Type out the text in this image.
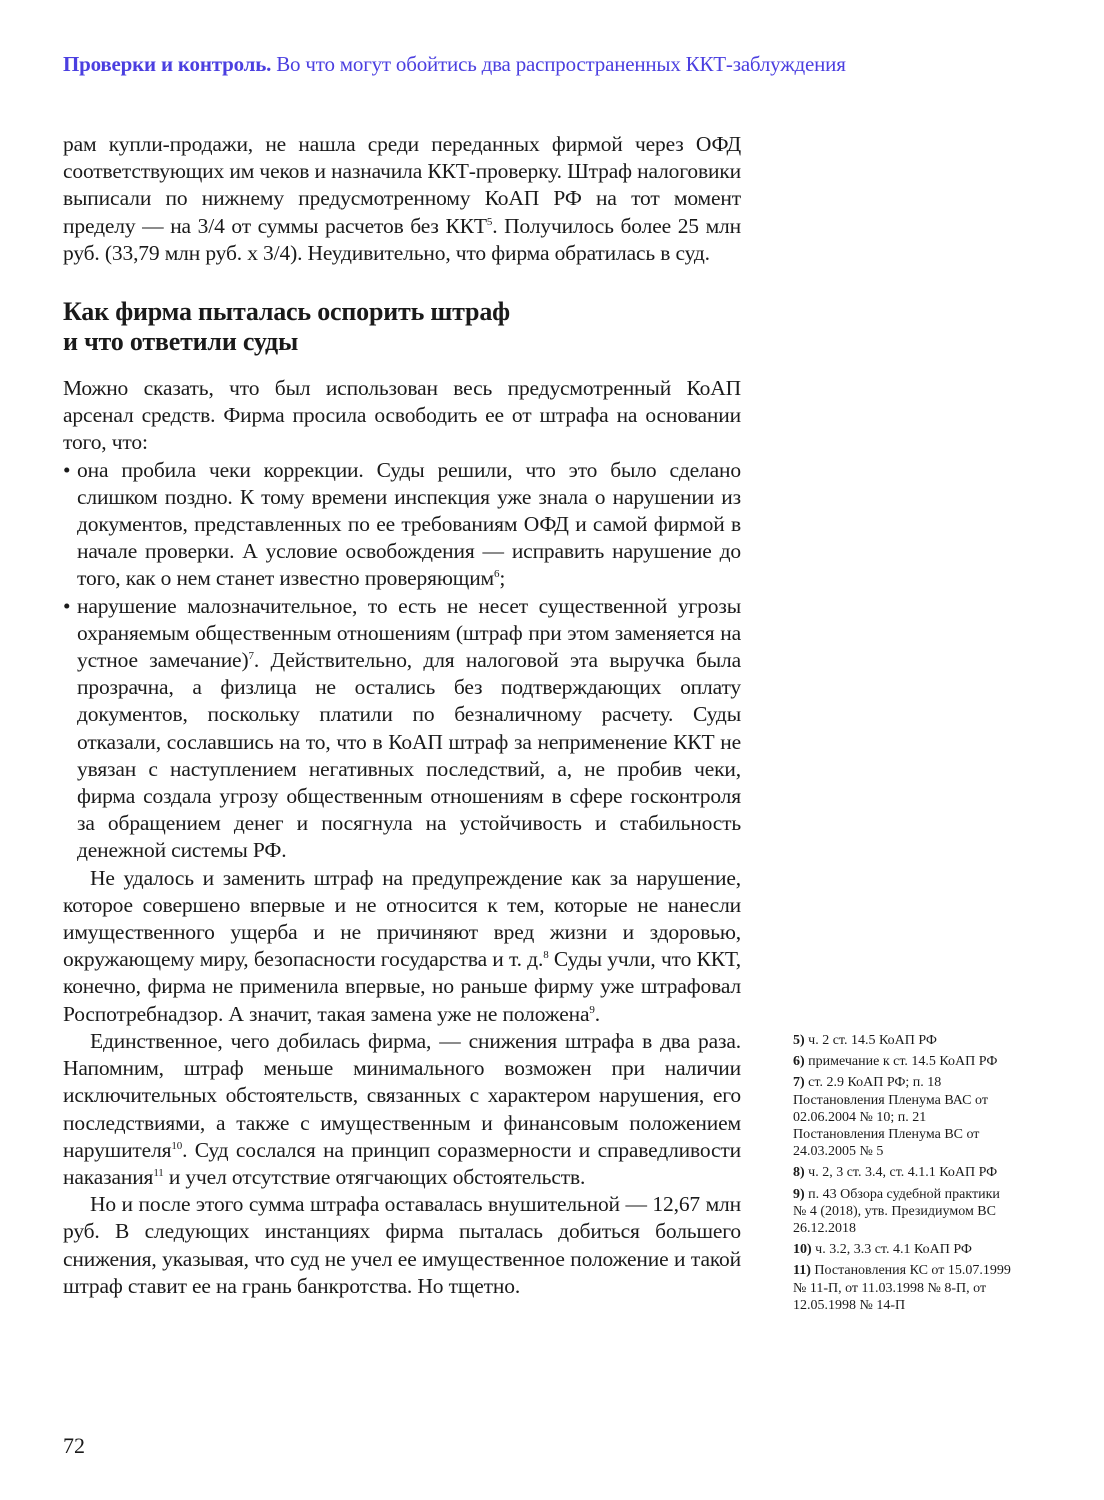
Проверки и контроль. Во что могут обойтись два распространенных ККТ-заблуждения

рам купли-продажи, не нашла среди переданных фирмой через ОФД соответствующих им чеков и назначила ККТ-проверку. Штраф налоговики выписали по нижнему предусмотренному КоАП РФ на тот момент пределу — на 3/4 от суммы расчетов без ККТ$^5$. Получилось более 25 млн руб. (33,79 млн руб. х 3/4). Неудивительно, что фирма обратилась в суд.

Как фирма пыталась оспорить штраф
и что ответили суды

Можно сказать, что был использован весь предусмотренный КоАП арсенал средств. Фирма просила освободить ее от штрафа на основании того, что:

• она пробила чеки коррекции. Суды решили, что это было сделано слишком поздно. К тому времени инспекция уже знала о нарушении из документов, представленных по ее требованиям ОФД и самой фирмой в начале проверки. А условие освобождения — исправить нарушение до того, как о нем станет известно проверяющим$^6$;
• нарушение малозначительное, то есть не несет существенной угрозы охраняемым общественным отношениям (штраф при этом заменяется на устное замечание)$^7$. Действительно, для налоговой эта выручка была прозрачна, а физлица не остались без подтверждающих оплату документов, поскольку платили по безналичному расчету. Суды отказали, сославшись на то, что в КоАП штраф за неприменение ККТ не увязан с наступлением негативных последствий, а, не пробив чеки, фирма создала угрозу общественным отношениям в сфере госконтроля за обращением денег и посягнула на устойчивость и стабильность денежной системы РФ.

Не удалось и заменить штраф на предупреждение как за нарушение, которое совершено впервые и не относится к тем, которые не нанесли имущественного ущерба и не причиняют вред жизни и здоровью, окружающему миру, безопасности государства и т. д.$^8$ Суды учли, что ККТ, конечно, фирма не применила впервые, но раньше фирму уже штрафовал Роспотребнадзор. А значит, такая замена уже не положена$^9$.

Единственное, чего добилась фирма, — снижения штрафа в два раза. Напомним, штраф меньше минимального возможен при наличии исключительных обстоятельств, связанных с характером нарушения, его последствиями, а также с имущественным и финансовым положением нарушителя$^{10}$. Суд сослался на принцип соразмерности и справедливости наказания$^{11}$ и учел отсутствие отягчающих обстоятельств.

Но и после этого сумма штрафа оставалась внушительной — 12,67 млн руб. В следующих инстанциях фирма пыталась добиться большего снижения, указывая, что суд не учел ее имущественное положение и такой штраф ставит ее на грань банкротства. Но тщетно.

5) ч. 2 ст. 14.5 КоАП РФ
6) примечание к ст. 14.5 КоАП РФ
7) ст. 2.9 КоАП РФ; п. 18 Постановления Пленума ВАС от 02.06.2004 № 10; п. 21 Постановления Пленума ВС от 24.03.2005 № 5
8) ч. 2, 3 ст. 3.4, ст. 4.1.1 КоАП РФ
9) п. 43 Обзора судебной практики № 4 (2018), утв. Президиумом ВС 26.12.2018
10) ч. 3.2, 3.3 ст. 4.1 КоАП РФ
11) Постановления КС от 15.07.1999 № 11-П, от 11.03.1998 № 8-П, от 12.05.1998 № 14-П
72
